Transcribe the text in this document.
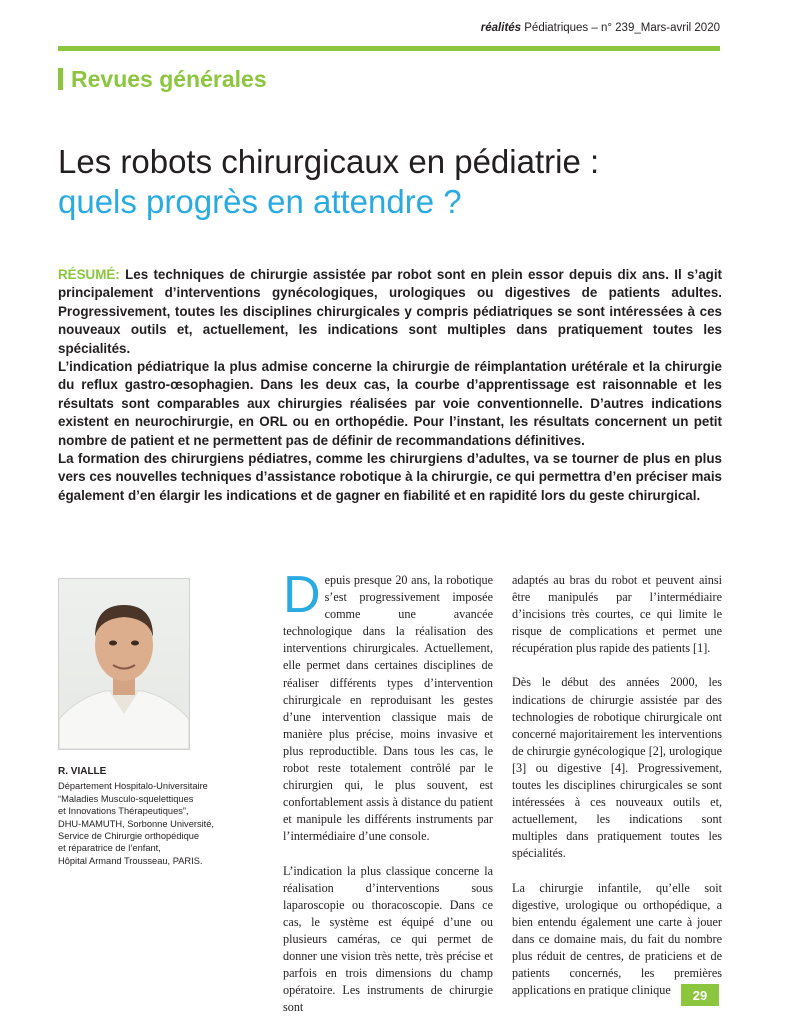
réalités Pédiatriques – n° 239_Mars-avril 2020
Revues générales
Les robots chirurgicaux en pédiatrie :
quels progrès en attendre ?

RÉSUMÉ: Les techniques de chirurgie assistée par robot sont en plein essor depuis dix ans. Il s’agit principalement d’interventions gynécologiques, urologiques ou digestives de patients adultes. Progressivement, toutes les disciplines chirurgicales y compris pédiatriques se sont intéressées à ces nouveaux outils et, actuellement, les indications sont multiples dans pratiquement toutes les spécialités.

L’indication pédiatrique la plus admise concerne la chirurgie de réimplantation urétérale et la chirurgie du reflux gastro-œsophagien. Dans les deux cas, la courbe d’apprentissage est raisonnable et les résultats sont comparables aux chirurgies réalisées par voie conventionnelle. D’autres indications existent en neurochirurgie, en ORL ou en orthopédie. Pour l’instant, les résultats concernent un petit nombre de patient et ne permettent pas de définir de recommandations définitives.

La formation des chirurgiens pédiatres, comme les chirurgiens d’adultes, va se tourner de plus en plus vers ces nouvelles techniques d’assistance robotique à la chirurgie, ce qui permettra d’en préciser mais également d’en élargir les indications et de gagner en fiabilité et en rapidité lors du geste chirurgical.

R. VIALLE
Département Hospitalo-Universitaire
“Maladies Musculo-squelettiques
et Innovations Thérapeutiques”,
DHU-MAMUTH, Sorbonne Université,
Service de Chirurgie orthopédique
et réparatrice de l’enfant,
Hôpital Armand Trousseau, PARIS.

Depuis presque 20 ans, la robotique s’est progressivement imposée comme une avancée technologique dans la réalisation des interventions chirurgicales. Actuellement, elle permet dans certaines disciplines de réaliser différents types d’intervention chirurgicale en reproduisant les gestes d’une intervention classique mais de manière plus précise, moins invasive et plus reproductible. Dans tous les cas, le robot reste totalement contrôlé par le chirurgien qui, le plus souvent, est confortablement assis à distance du patient et manipule les différents instruments par l’intermédiaire d’une console.

L’indication la plus classique concerne la réalisation d’interventions sous laparoscopie ou thoracoscopie. Dans ce cas, le système est équipé d’une ou plusieurs caméras, ce qui permet de donner une vision très nette, très précise et parfois en trois dimensions du champ opératoire. Les instruments de chirurgie sont

adaptés au bras du robot et peuvent ainsi être manipulés par l’intermédiaire d’incisions très courtes, ce qui limite le risque de complications et permet une récupération plus rapide des patients [1].

Dès le début des années 2000, les indications de chirurgie assistée par des technologies de robotique chirurgicale ont concerné majoritairement les interventions de chirurgie gynécologique [2], urologique [3] ou digestive [4]. Progressivement, toutes les disciplines chirurgicales se sont intéressées à ces nouveaux outils et, actuellement, les indications sont multiples dans pratiquement toutes les spécialités.

La chirurgie infantile, qu’elle soit digestive, urologique ou orthopédique, a bien entendu également une carte à jouer dans ce domaine mais, du fait du nombre plus réduit de centres, de praticiens et de patients concernés, les premières applications en pratique clinique	29
